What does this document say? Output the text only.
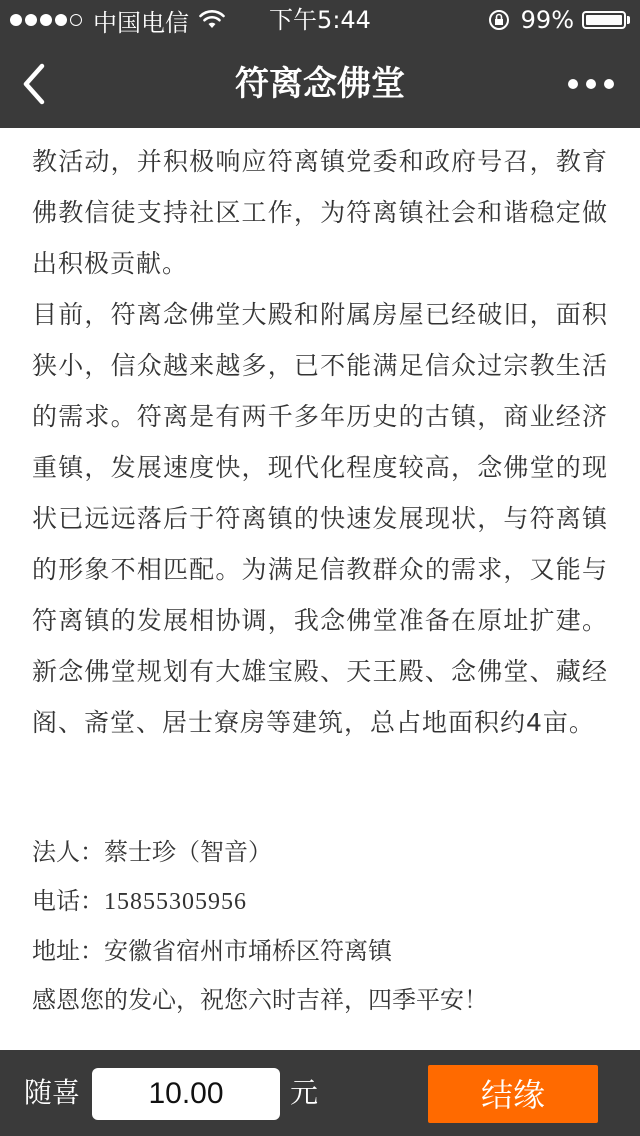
中国电信	下午5:44	99%
符离念佛堂

教活动，并积极响应符离镇党委和政府号召，教育佛教信徒支持社区工作，为符离镇社会和谐稳定做出积极贡献。

目前，符离念佛堂大殿和附属房屋已经破旧，面积狭小，信众越来越多，已不能满足信众过宗教生活的需求。符离是有两千多年历史的古镇，商业经济重镇，发展速度快，现代化程度较高，念佛堂的现状已远远落后于符离镇的快速发展现状，与符离镇的形象不相匹配。为满足信教群众的需求，又能与符离镇的发展相协调，我念佛堂准备在原址扩建。新念佛堂规划有大雄宝殿、天王殿、念佛堂、藏经阁、斋堂、居士寮房等建筑，总占地面积约4亩。

法人：蔡士珍（智音）
电话：15855305956
地址：安徽省宿州市埇桥区符离镇
感恩您的发心，祝您六时吉祥，四季平安！
随喜
10.00	元	结缘
